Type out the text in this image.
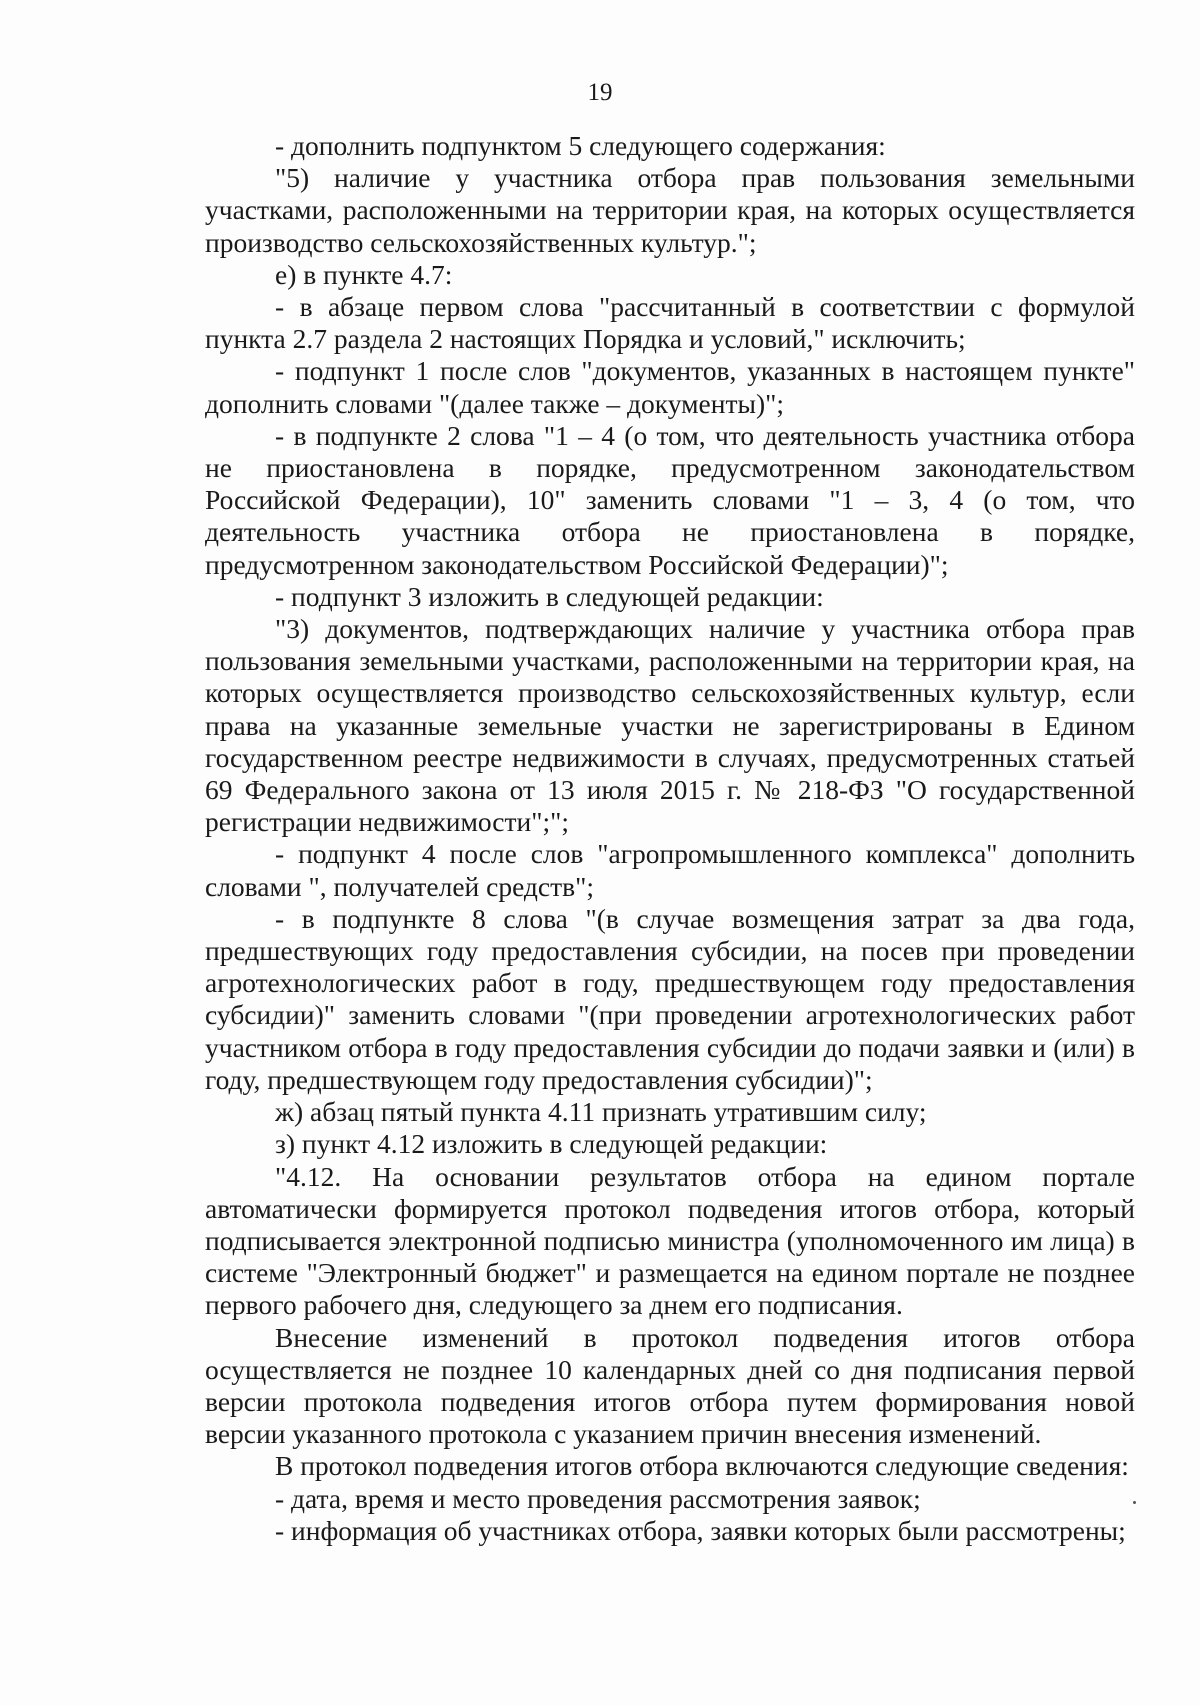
19

- дополнить подпунктом 5 следующего содержания:

"5) наличие у участника отбора прав пользования земельными участками, расположенными на территории края, на которых осуществляется производство сельскохозяйственных культур.";

е) в пункте 4.7:

- в абзаце первом слова "рассчитанный в соответствии с формулой пункта 2.7 раздела 2 настоящих Порядка и условий," исключить;

- подпункт 1 после слов "документов, указанных в настоящем пункте" дополнить словами "(далее также – документы)";

- в подпункте 2 слова "1 – 4 (о том, что деятельность участника отбора не приостановлена в порядке, предусмотренном законодательством Российской Федерации), 10" заменить словами "1 – 3, 4 (о том, что деятельность участника отбора не приостановлена в порядке, предусмотренном законодательством Российской Федерации)";

- подпункт 3 изложить в следующей редакции:

"3) документов, подтверждающих наличие у участника отбора прав пользования земельными участками, расположенными на территории края, на которых осуществляется производство сельскохозяйственных культур, если права на указанные земельные участки не зарегистрированы в Едином государственном реестре недвижимости в случаях, предусмотренных статьей 69 Федерального закона от 13 июля 2015 г. № 218-ФЗ "О государственной регистрации недвижимости";";

- подпункт 4 после слов "агропромышленного комплекса" дополнить словами ", получателей средств";

- в подпункте 8 слова "(в случае возмещения затрат за два года, предшествующих году предоставления субсидии, на посев при проведении агротехнологических работ в году, предшествующем году предоставления субсидии)" заменить словами "(при проведении агротехнологических работ участником отбора в году предоставления субсидии до подачи заявки и (или) в году, предшествующем году предоставления субсидии)";

ж) абзац пятый пункта 4.11 признать утратившим силу;

з) пункт 4.12 изложить в следующей редакции:

"4.12. На основании результатов отбора на едином портале автоматически формируется протокол подведения итогов отбора, который подписывается электронной подписью министра (уполномоченного им лица) в системе "Электронный бюджет" и размещается на едином портале не позднее первого рабочего дня, следующего за днем его подписания.

Внесение изменений в протокол подведения итогов отбора осуществляется не позднее 10 календарных дней со дня подписания первой версии протокола подведения итогов отбора путем формирования новой версии указанного протокола с указанием причин внесения изменений.

В протокол подведения итогов отбора включаются следующие сведения:

- дата, время и место проведения рассмотрения заявок;

- информация об участниках отбора, заявки которых были рассмотрены;
